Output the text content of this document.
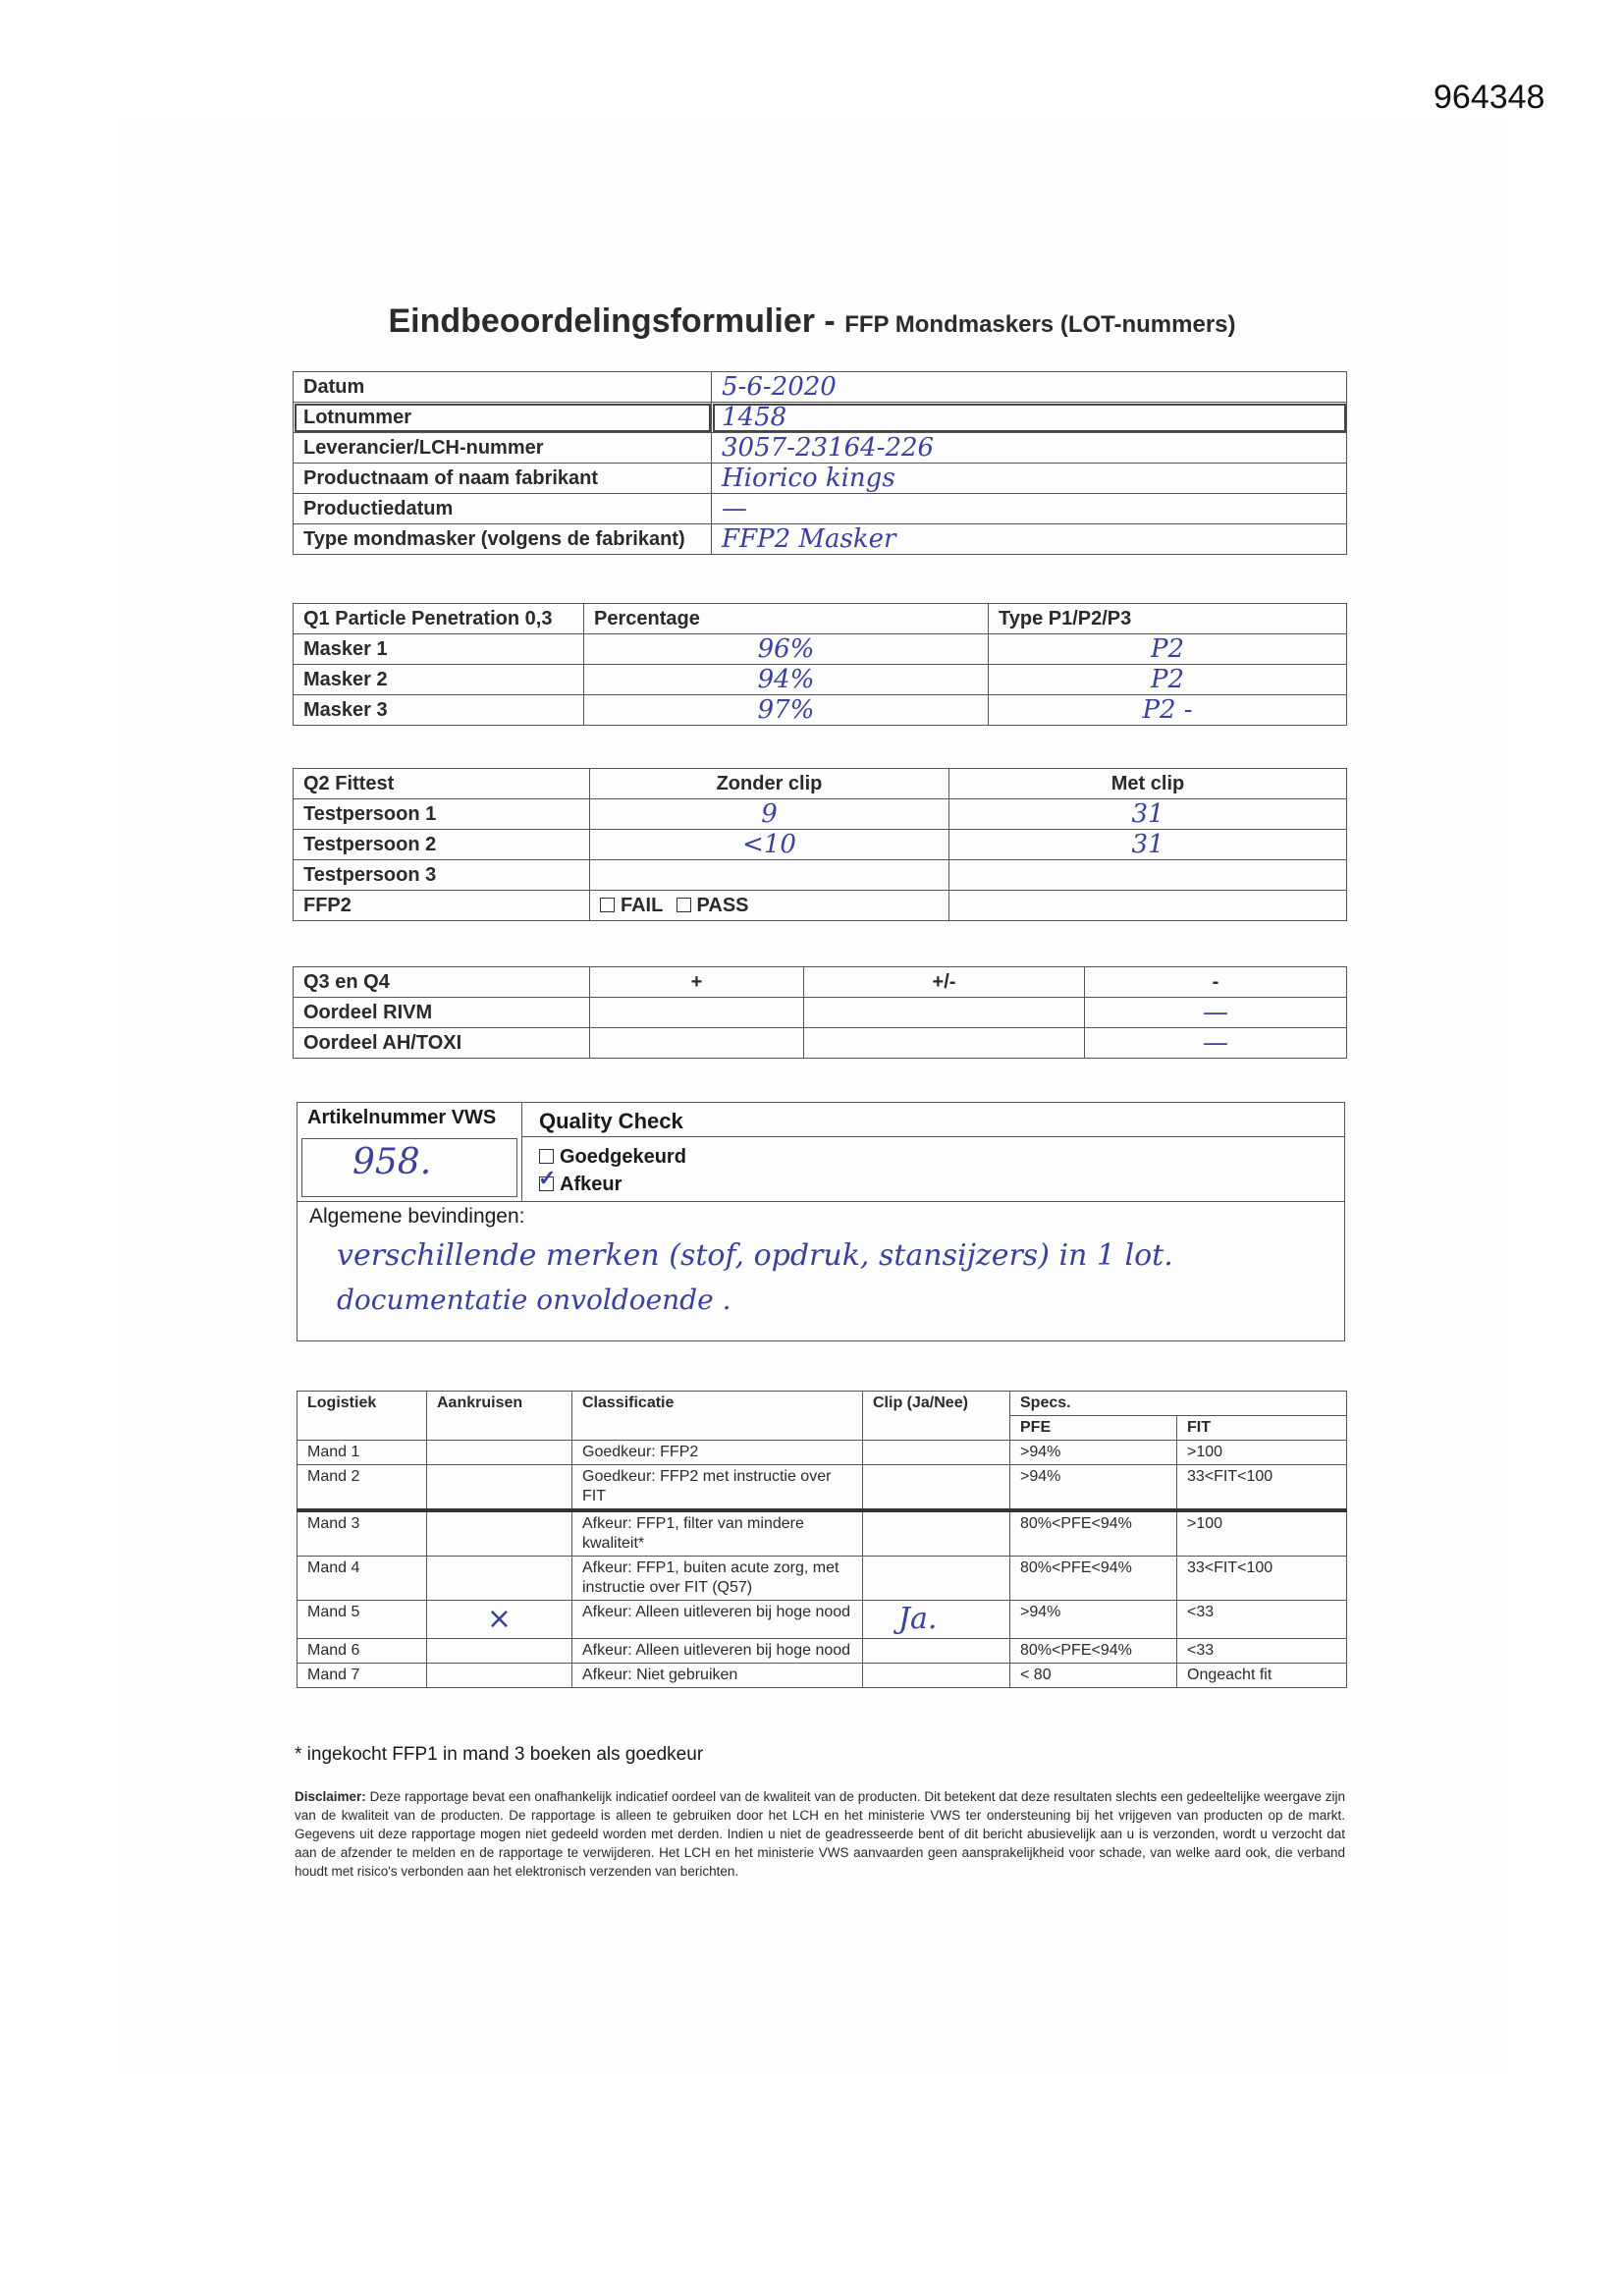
964348
Eindbeoordelingsformulier - FFP Mondmaskers (LOT-nummers)
Datum	5-6-2020
Lotnummer	1458
Leverancier/LCH-nummer	3057-23164-226
Productnaam of naam fabrikant	Hiorico kings
Productiedatum	—
Type mondmasker (volgens de fabrikant)	FFP2 Masker
Q1 Particle Penetration 0,3	Percentage	Type P1/P2/P3
Masker 1	96%	P2
Masker 2	94%	P2
Masker 3	97%	P2 -
Q2 Fittest	Zonder clip	Met clip
Testpersoon 1	9	31
Testpersoon 2	<10	31
Testpersoon 3		
FFP2	FAIL PASS	
Q3 en Q4	+	+/-	-
Oordeel RIVM			—
Oordeel AH/TOXI			—
Artikelnummer VWS
958.
Quality Check
Goedgekeurd
✓Afkeur
Algemene bevindingen:
verschillende merken (stof, opdruk, stansijzers) in 1 lot.
documentatie onvoldoende .
Logistiek	Aankruisen	Classificatie	Clip (Ja/Nee)	Specs.	
				PFE	FIT
Mand 1		Goedkeur: FFP2		>94%	>100
Mand 2		Goedkeur: FFP2 met instructie over FIT		>94%	33<FIT<100
Mand 3		Afkeur: FFP1, filter van mindere kwaliteit*		80%<PFE<94%	>100
Mand 4		Afkeur: FFP1, buiten acute zorg, met instructie over FIT (Q57)		80%<PFE<94%	33<FIT<100
Mand 5	×	Afkeur: Alleen uitleveren bij hoge nood	Ja.	>94%	<33
Mand 6		Afkeur: Alleen uitleveren bij hoge nood		80%<PFE<94%	<33
Mand 7		Afkeur: Niet gebruiken		< 80	Ongeacht fit
* ingekocht FFP1 in mand 3 boeken als goedkeur
Disclaimer: Deze rapportage bevat een onafhankelijk indicatief oordeel van de kwaliteit van de producten. Dit betekent dat deze resultaten slechts een gedeeltelijke weergave zijn van de kwaliteit van de producten. De rapportage is alleen te gebruiken door het LCH en het ministerie VWS ter ondersteuning bij het vrijgeven van producten op de markt. Gegevens uit deze rapportage mogen niet gedeeld worden met derden. Indien u niet de geadresseerde bent of dit bericht abusievelijk aan u is verzonden, wordt u verzocht dat aan de afzender te melden en de rapportage te verwijderen. Het LCH en het ministerie VWS aanvaarden geen aansprakelijkheid voor schade, van welke aard ook, die verband houdt met risico's verbonden aan het elektronisch verzenden van berichten.
